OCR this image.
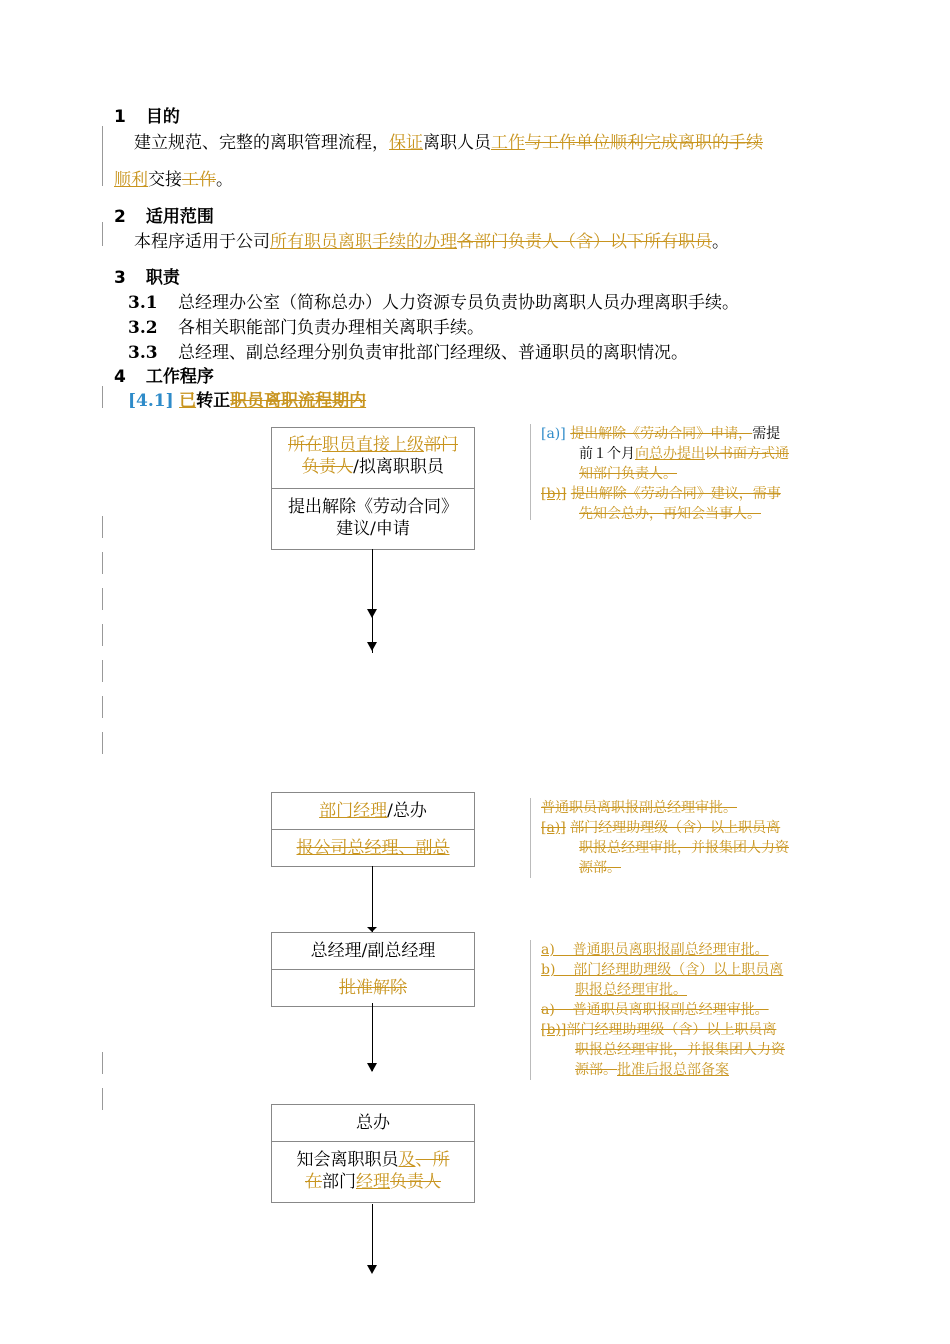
1 目的
建立规范、完整的离职管理流程，保证离职人员工作与工作单位顺利完成离职的手续
顺利交接工作。
2 适用范围
本程序适用于公司所有职员离职手续的办理各部门负责人（含）以下所有职员。
3 职责
3.1 总经理办公室（简称总办）人力资源专员负责协助离职人员办理离职手续。
3.2 各相关职能部门负责办理相关离职手续。
3.3 总经理、副总经理分别负责审批部门经理级、普通职员的离职情况。
4 工作程序
[4.1] 已转正职员离职流程期内
所在职员直接上级部门负责人/拟离职职员
提出解除《劳动合同》建议/申请
[a)] 提出解除《劳动合同》申请，需提
前１个月向总办提出以书面方式通
知部门负责人。
[b)] 提出解除《劳动合同》建议，需事
先知会总办，再知会当事人。
部门经理/总办
报公司总经理、副总
普通职员离职报副总经理审批。
[a)] 部门经理助理级（含）以上职员离
职报总经理审批，并报集团人力资
源部。
总经理/副总经理
批准解除
a)    普通职员离职报副总经理审批。
b)    部门经理助理级（含）以上职员离
职报总经理审批。
a)    普通职员离职报副总经理审批。
[b)]部门经理助理级（含）以上职员离
职报总经理审批，并报集团人力资
源部。批准后报总部备案
总办
知会离职职员及、所
在部门经理负责人
